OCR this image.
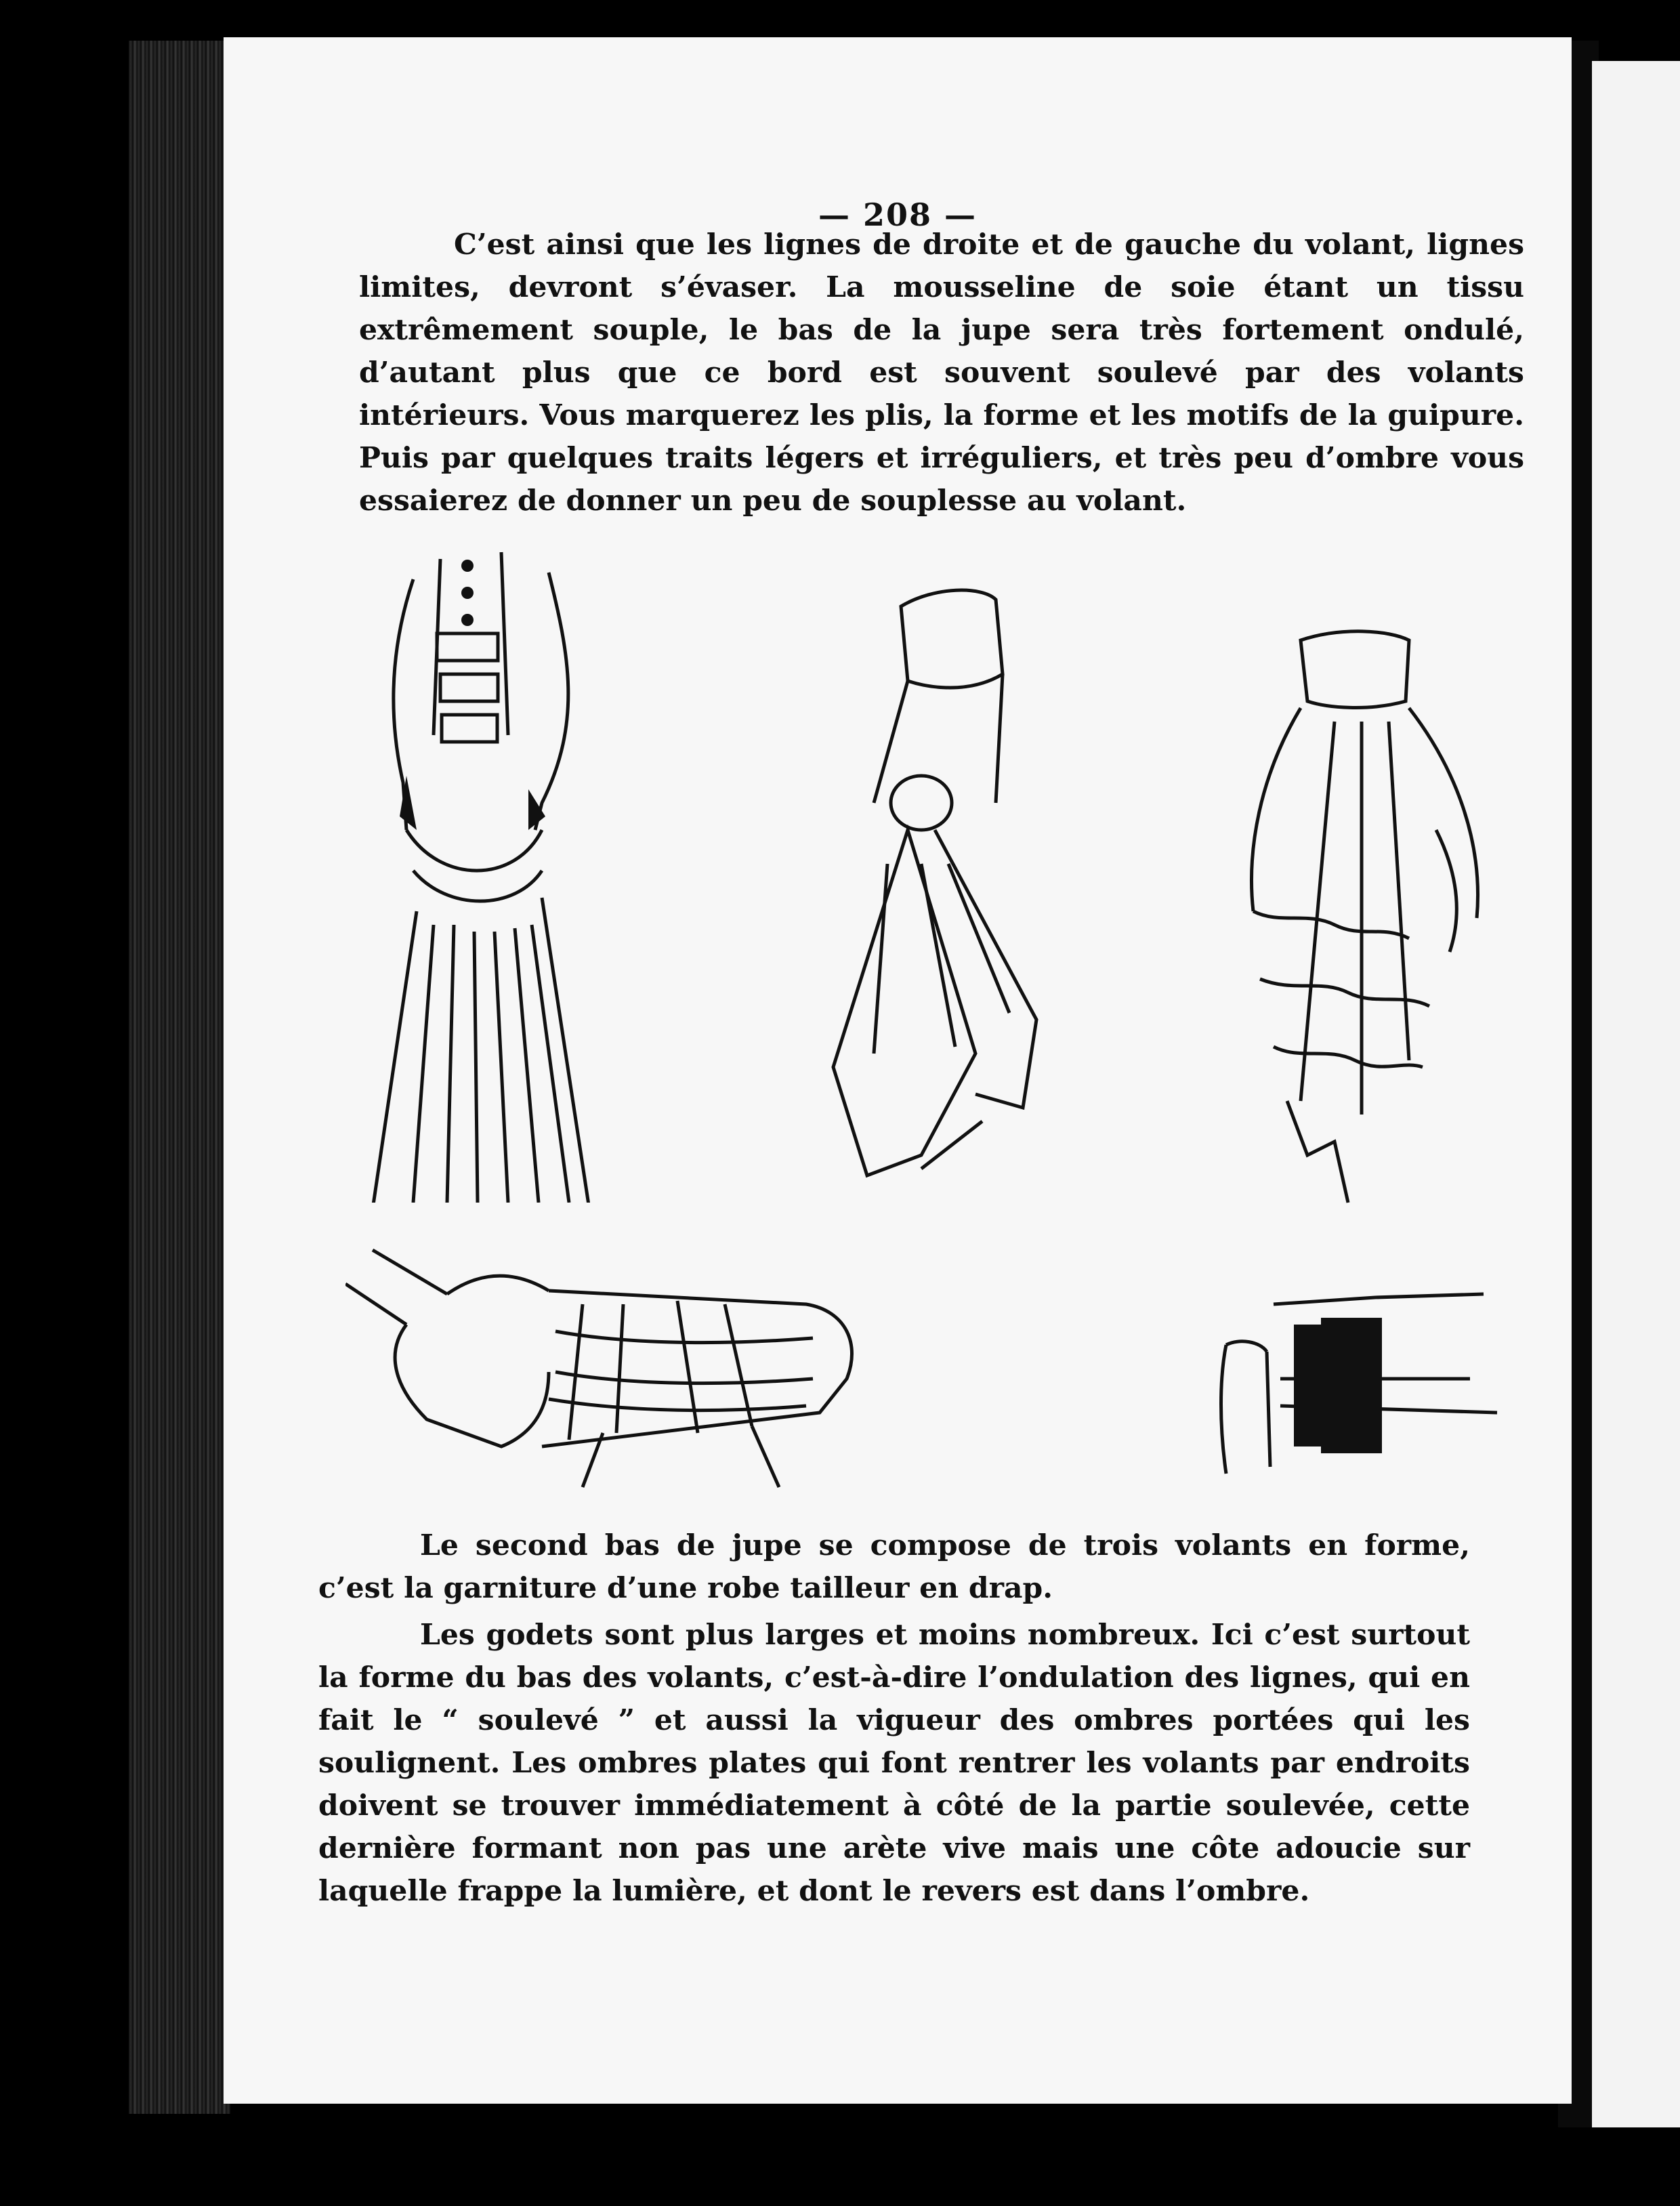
— 208 —

C’est ainsi que les lignes de droite et de gauche du volant, lignes limites, devront s’évaser. La mousseline de soie étant un tissu extrêmement souple, le bas de la jupe sera très fortement ondulé, d’autant plus que ce bord est souvent soulevé par des volants intérieurs. Vous marquerez les plis, la forme et les motifs de la guipure. Puis par quelques traits légers et irréguliers, et très peu d’ombre vous essaierez de donner un peu de souplesse au volant.

Le second bas de jupe se compose de trois volants en forme, c’est la garniture d’une robe tailleur en drap.

Les godets sont plus larges et moins nombreux. Ici c’est surtout la forme du bas des volants, c’est-à-dire l’ondulation des lignes, qui en fait le “ soulevé ” et aussi la vigueur des ombres portées qui les soulignent. Les ombres plates qui font rentrer les volants par endroits doivent se trouver immédiatement à côté de la partie soulevée, cette dernière formant non pas une arète vive mais une côte adoucie sur laquelle frappe la lumière, et dont le revers est dans l’ombre.
